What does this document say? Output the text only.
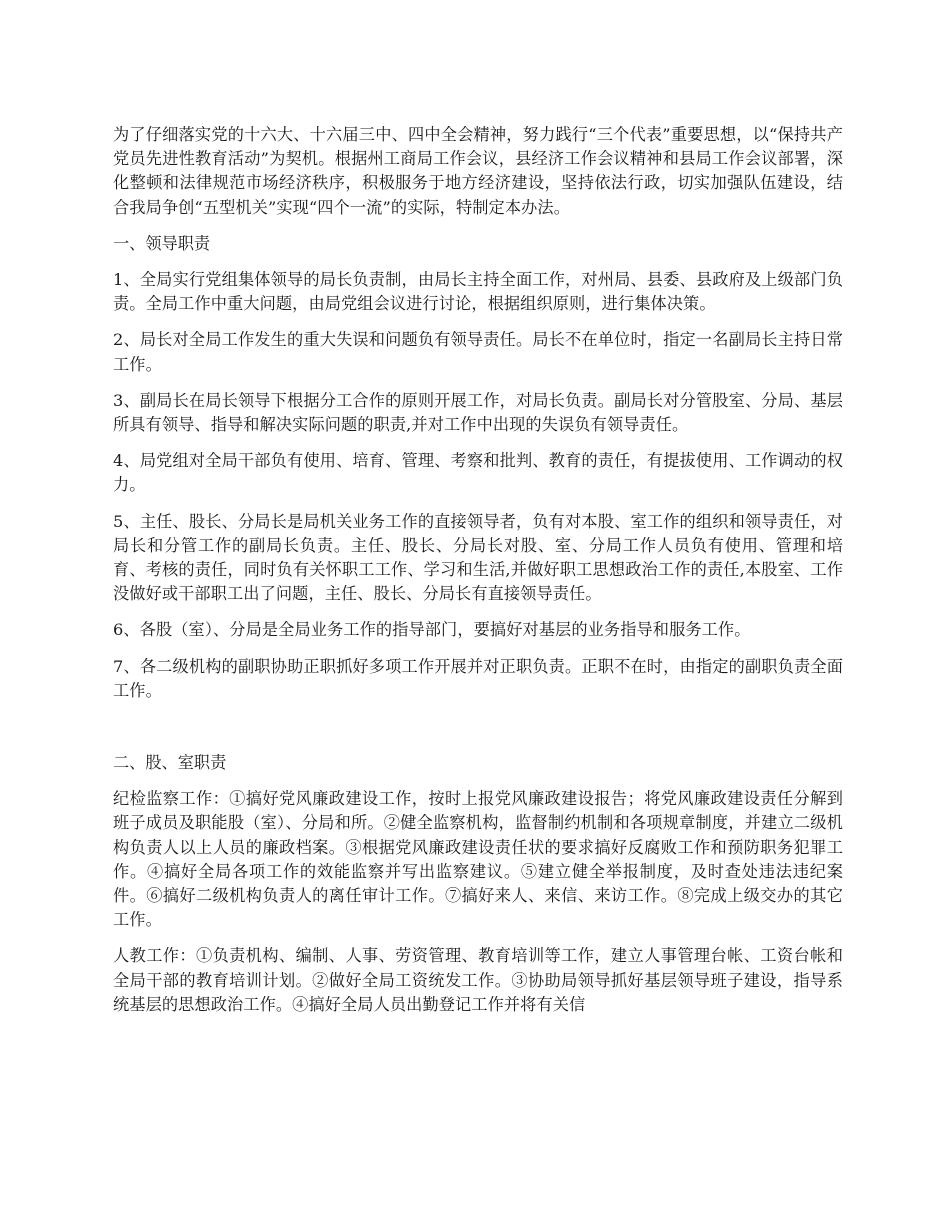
为了仔细落实党的十六大、十六届三中、四中全会精神，努力践行“三个代表”重要思想，以“保持共产党员先进性教育活动”为契机。根据州工商局工作会议，县经济工作会议精神和县局工作会议部署，深化整顿和法律规范市场经济秩序，积极服务于地方经济建设，坚持依法行政，切实加强队伍建设，结合我局争创“五型机关”实现“四个一流”的实际，特制定本办法。

一、领导职责

1、全局实行党组集体领导的局长负责制，由局长主持全面工作，对州局、县委、县政府及上级部门负责。全局工作中重大问题，由局党组会议进行讨论，根据组织原则，进行集体决策。

2、局长对全局工作发生的重大失误和问题负有领导责任。局长不在单位时，指定一名副局长主持日常工作。

3、副局长在局长领导下根据分工合作的原则开展工作，对局长负责。副局长对分管股室、分局、基层所具有领导、指导和解决实际问题的职责,并对工作中出现的失误负有领导责任。

4、局党组对全局干部负有使用、培育、管理、考察和批判、教育的责任，有提拔使用、工作调动的权力。

5、主任、股长、分局长是局机关业务工作的直接领导者，负有对本股、室工作的组织和领导责任，对局长和分管工作的副局长负责。主任、股长、分局长对股、室、分局工作人员负有使用、管理和培育、考核的责任，同时负有关怀职工工作、学习和生活,并做好职工思想政治工作的责任,本股室、工作没做好或干部职工出了问题，主任、股长、分局长有直接领导责任。

6、各股（室）、分局是全局业务工作的指导部门，要搞好对基层的业务指导和服务工作。

7、各二级机构的副职协助正职抓好多项工作开展并对正职负责。正职不在时，由指定的副职负责全面工作。

二、股、室职责

纪检监察工作：①搞好党风廉政建设工作，按时上报党风廉政建设报告；将党风廉政建设责任分解到班子成员及职能股（室）、分局和所。②健全监察机构，监督制约机制和各项规章制度，并建立二级机构负责人以上人员的廉政档案。③根据党风廉政建设责任状的要求搞好反腐败工作和预防职务犯罪工作。④搞好全局各项工作的效能监察并写出监察建议。⑤建立健全举报制度，及时查处违法违纪案件。⑥搞好二级机构负责人的离任审计工作。⑦搞好来人、来信、来访工作。⑧完成上级交办的其它工作。

人教工作：①负责机构、编制、人事、劳资管理、教育培训等工作，建立人事管理台帐、工资台帐和全局干部的教育培训计划。②做好全局工资统发工作。③协助局领导抓好基层领导班子建设，指导系统基层的思想政治工作。④搞好全局人员出勤登记工作并将有关信
